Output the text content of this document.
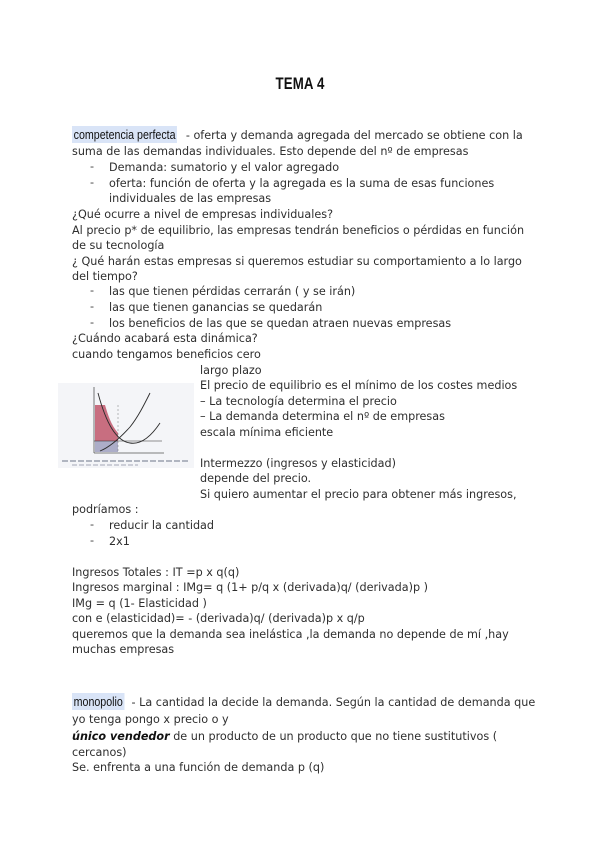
TEMA 4
competencia perfecta - oferta y demanda agregada del mercado se obtiene con la
suma de las demandas individuales. Esto depende del nº de empresas
- Demanda: sumatorio y el valor agregado
- oferta: función de oferta y la agregada es la suma de esas funciones
individuales de las empresas
¿Qué ocurre a nivel de empresas individuales?
Al precio p* de equilibrio, las empresas tendrán beneficios o pérdidas en función
de su tecnología
¿ Qué harán estas empresas si queremos estudiar su comportamiento a lo largo
del tiempo?
- las que tienen pérdidas cerrarán ( y se irán)
- las que tienen ganancias se quedarán
- los beneficios de las que se quedan atraen nuevas empresas
¿Cuándo acabará esta dinámica?
cuando tengamos beneficios cero
largo plazo
El precio de equilibrio es el mínimo de los costes medios
– La tecnología determina el precio
– La demanda determina el nº de empresas
escala mínima eficiente
Intermezzo (ingresos y elasticidad)
depende del precio.
Si quiero aumentar el precio para obtener más ingresos,
podríamos :
- reducir la cantidad
- 2x1
Ingresos Totales : IT =p x q(q)
Ingresos marginal : IMg= q (1+ p/q x (derivada)q/ (derivada)p )
IMg = q (1- Elasticidad )
con e (elasticidad)= - (derivada)q/ (derivada)p x q/p
queremos que la demanda sea inelástica ,la demanda no depende de mí ,hay
muchas empresas
monopolio - La cantidad la decide la demanda. Según la cantidad de demanda que
yo tenga pongo x precio o y
único vendedor de un producto de un producto que no tiene sustitutivos (
cercanos)
Se. enfrenta a una función de demanda p (q)
